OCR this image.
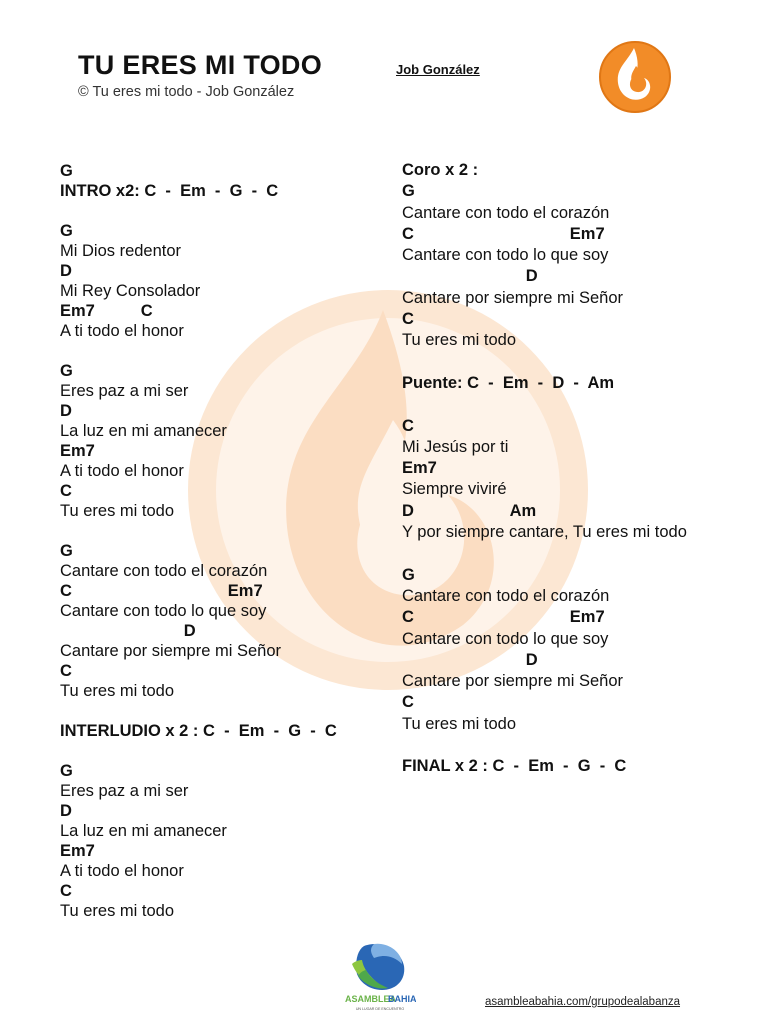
TU ERES MI TODO
© Tu eres mi todo - Job González
Job González
G
INTRO x2: C  -  Em  -  G  -  C
G
Mi Dios redentor
D
Mi Rey Consolador
Em7          C
A ti todo el honor
G
Eres paz a mi ser
D
La luz en mi amanecer
Em7
A ti todo el honor
C
Tu eres mi todo
G
Cantare con todo el corazón
C                                  Em7
Cantare con todo lo que soy
D
Cantare por siempre mi Señor
C
Tu eres mi todo
INTERLUDIO x 2 : C  -  Em  -  G  -  C
G
Eres paz a mi ser
D
La luz en mi amanecer
Em7
A ti todo el honor
C
Tu eres mi todo
Coro x 2 :
G
Cantare con todo el corazón
C                                  Em7
Cantare con todo lo que soy
D
Cantare por siempre mi Señor
C
Tu eres mi todo
Puente: C  -  Em  -  D  -  Am
C
Mi Jesús por ti
Em7
Siempre viviré
D                     Am
Y por siempre cantare, Tu eres mi todo
G
Cantare con todo el corazón
C                                  Em7
Cantare con todo lo que soy
D
Cantare por siempre mi Señor
C
Tu eres mi todo
FINAL x 2 : C  -  Em  -  G  -  C
ASAMBLEA
BAHIA
UN LUGAR DE ENCUENTRO
asambleabahia.com/grupodealabanza
